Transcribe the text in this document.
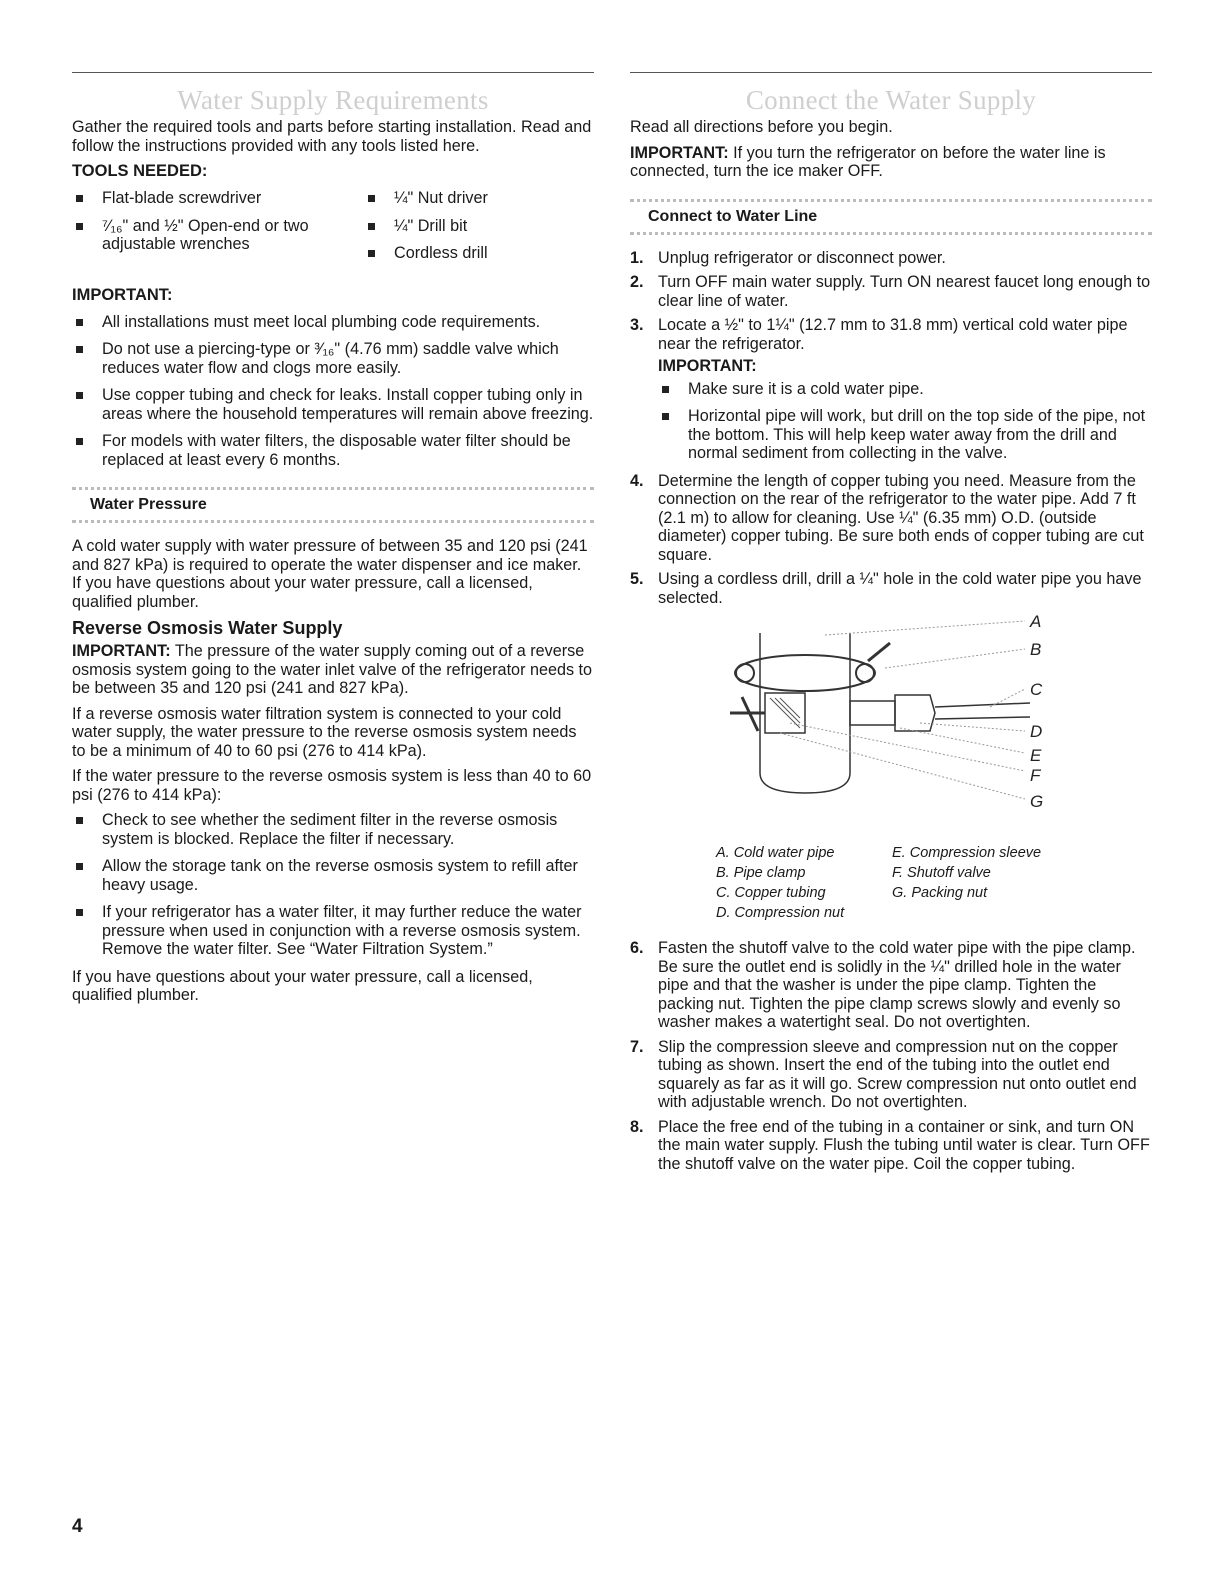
Water Supply Requirements

Gather the required tools and parts before starting installation. Read and follow the instructions provided with any tools listed here.

TOOLS NEEDED:
Flat-blade screwdriver
⁷⁄₁₆" and ½" Open-end or two adjustable wrenches
¼" Nut driver
¼" Drill bit
Cordless drill
IMPORTANT:
All installations must meet local plumbing code requirements.
Do not use a piercing-type or ³⁄₁₆" (4.76 mm) saddle valve which reduces water flow and clogs more easily.
Use copper tubing and check for leaks. Install copper tubing only in areas where the household temperatures will remain above freezing.
For models with water filters, the disposable water filter should be replaced at least every 6 months.
Water Pressure

A cold water supply with water pressure of between 35 and 120 psi (241 and 827 kPa) is required to operate the water dispenser and ice maker. If you have questions about your water pressure, call a licensed, qualified plumber.

Reverse Osmosis Water Supply

IMPORTANT: The pressure of the water supply coming out of a reverse osmosis system going to the water inlet valve of the refrigerator needs to be between 35 and 120 psi (241 and 827 kPa).

If a reverse osmosis water filtration system is connected to your cold water supply, the water pressure to the reverse osmosis system needs to be a minimum of 40 to 60 psi (276 to 414 kPa).

If the water pressure to the reverse osmosis system is less than 40 to 60 psi (276 to 414 kPa):

Check to see whether the sediment filter in the reverse osmosis system is blocked. Replace the filter if necessary.
Allow the storage tank on the reverse osmosis system to refill after heavy usage.
If your refrigerator has a water filter, it may further reduce the water pressure when used in conjunction with a reverse osmosis system. Remove the water filter. See “Water Filtration System.”

If you have questions about your water pressure, call a licensed, qualified plumber.

Connect the Water Supply

Read all directions before you begin.

IMPORTANT: If you turn the refrigerator on before the water line is connected, turn the ice maker OFF.

Connect to Water Line
1. Unplug refrigerator or disconnect power.
2. Turn OFF main water supply. Turn ON nearest faucet long enough to clear line of water.
3. Locate a ½" to 1¼" (12.7 mm to 31.8 mm) vertical cold water pipe near the refrigerator.
IMPORTANT:
Make sure it is a cold water pipe.
Horizontal pipe will work, but drill on the top side of the pipe, not the bottom. This will help keep water away from the drill and normal sediment from collecting in the valve.
4. Determine the length of copper tubing you need. Measure from the connection on the rear of the refrigerator to the water pipe. Add 7 ft (2.1 m) to allow for cleaning. Use ¼" (6.35 mm) O.D. (outside diameter) copper tubing. Be sure both ends of copper tubing are cut square.
5. Using a cordless drill, drill a ¼" hole in the cold water pipe you have selected.
A
B
C
D
E
F
G
A. Cold water pipe
B. Pipe clamp
C. Copper tubing
D. Compression nut
E. Compression sleeve
F. Shutoff valve
G. Packing nut
6. Fasten the shutoff valve to the cold water pipe with the pipe clamp. Be sure the outlet end is solidly in the ¼" drilled hole in the water pipe and that the washer is under the pipe clamp. Tighten the packing nut. Tighten the pipe clamp screws slowly and evenly so washer makes a watertight seal. Do not overtighten.
7. Slip the compression sleeve and compression nut on the copper tubing as shown. Insert the end of the tubing into the outlet end squarely as far as it will go. Screw compression nut onto outlet end with adjustable wrench. Do not overtighten.
8. Place the free end of the tubing in a container or sink, and turn ON the main water supply. Flush the tubing until water is clear. Turn OFF the shutoff valve on the water pipe. Coil the copper tubing.
4
